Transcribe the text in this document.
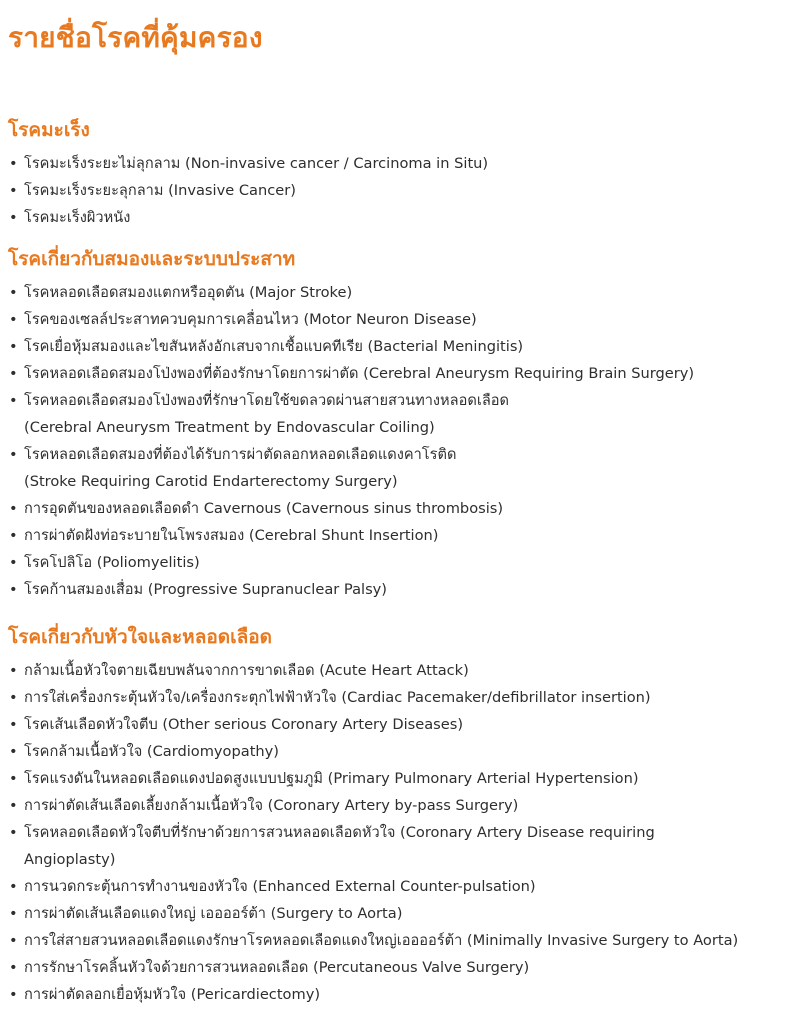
รายชื่อโรคที่คุ้มครอง
โรคมะเร็ง
• โรคมะเร็งระยะไม่ลุกลาม (Non-invasive cancer / Carcinoma in Situ)
• โรคมะเร็งระยะลุกลาม (Invasive Cancer)
• โรคมะเร็งผิวหนัง
โรคเกี่ยวกับสมองและระบบประสาท
• โรคหลอดเลือดสมองแตกหรืออุดตัน (Major Stroke)
• โรคของเซลล์ประสาทควบคุมการเคลื่อนไหว (Motor Neuron Disease)
• โรคเยื่อหุ้มสมองและไขสันหลังอักเสบจากเชื้อแบคทีเรีย (Bacterial Meningitis)
• โรคหลอดเลือดสมองโป่งพองที่ต้องรักษาโดยการผ่าตัด (Cerebral Aneurysm Requiring Brain Surgery)
• โรคหลอดเลือดสมองโป่งพองที่รักษาโดยใช้ขดลวดผ่านสายสวนทางหลอดเลือด
(Cerebral Aneurysm Treatment by Endovascular Coiling)
• โรคหลอดเลือดสมองที่ต้องได้รับการผ่าตัดลอกหลอดเลือดแดงคาโรติด
(Stroke Requiring Carotid Endarterectomy Surgery)
• การอุดตันของหลอดเลือดดำ Cavernous (Cavernous sinus thrombosis)
• การผ่าตัดฝังท่อระบายในโพรงสมอง (Cerebral Shunt Insertion)
• โรคโปลิโอ (Poliomyelitis)
• โรคก้านสมองเสื่อม (Progressive Supranuclear Palsy)
โรคเกี่ยวกับหัวใจและหลอดเลือด
• กล้ามเนื้อหัวใจตายเฉียบพลันจากการขาดเลือด (Acute Heart Attack)
• การใส่เครื่องกระตุ้นหัวใจ/เครื่องกระตุกไฟฟ้าหัวใจ (Cardiac Pacemaker/defibrillator insertion)
• โรคเส้นเลือดหัวใจตีบ (Other serious Coronary Artery Diseases)
• โรคกล้ามเนื้อหัวใจ (Cardiomyopathy)
• โรคแรงดันในหลอดเลือดแดงปอดสูงแบบปฐมภูมิ (Primary Pulmonary Arterial Hypertension)
• การผ่าตัดเส้นเลือดเลี้ยงกล้ามเนื้อหัวใจ (Coronary Artery by-pass Surgery)
• โรคหลอดเลือดหัวใจตีบที่รักษาด้วยการสวนหลอดเลือดหัวใจ (Coronary Artery Disease requiring
Angioplasty)
• การนวดกระตุ้นการทำงานของหัวใจ (Enhanced External Counter-pulsation)
• การผ่าตัดเส้นเลือดแดงใหญ่ เออออร์ต้า (Surgery to Aorta)
• การใส่สายสวนหลอดเลือดแดงรักษาโรคหลอดเลือดแดงใหญ่เออออร์ต้า (Minimally Invasive Surgery to Aorta)
• การรักษาโรคลิ้นหัวใจด้วยการสวนหลอดเลือด (Percutaneous Valve Surgery)
• การผ่าตัดลอกเยื่อหุ้มหัวใจ (Pericardiectomy)
